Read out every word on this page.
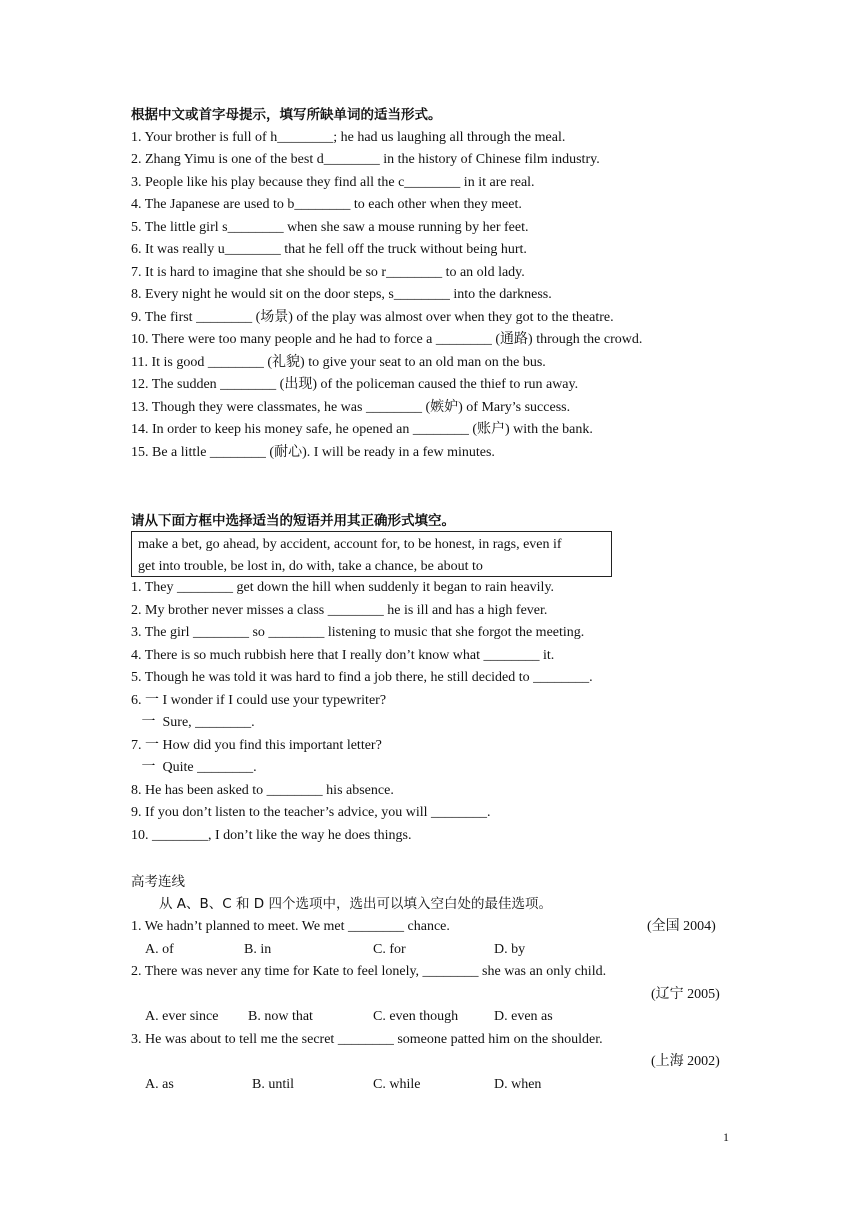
根据中文或首字母提示，填写所缺单词的适当形式。
1. Your brother is full of h________; he had us laughing all through the meal.
2. Zhang Yimu is one of the best d________ in the history of Chinese film industry.
3. People like his play because they find all the c________ in it are real.
4. The Japanese are used to b________ to each other when they meet.
5. The little girl s________ when she saw a mouse running by her feet.
6. It was really u________ that he fell off the truck without being hurt.
7. It is hard to imagine that she should be so r________ to an old lady.
8. Every night he would sit on the door steps, s________ into the darkness.
9. The first ________ (场景) of the play was almost over when they got to the theatre.
10. There were too many people and he had to force a ________ (通路) through the crowd.
11. It is good ________ (礼貌) to give your seat to an old man on the bus.
12. The sudden ________ (出现) of the policeman caused the thief to run away.
13. Though they were classmates, he was ________ (嫉妒) of Mary’s success.
14. In order to keep his money safe, he opened an ________ (账户) with the bank.
15. Be a little ________ (耐心). I will be ready in a few minutes.
请从下面方框中选择适当的短语并用其正确形式填空。
make a bet, go ahead, by accident, account for, to be honest, in rags, even if
get into trouble, be lost in, do with, take a chance, be about to
1. They ________ get down the hill when suddenly it began to rain heavily.
2. My brother never misses a class ________ he is ill and has a high fever.
3. The girl ________ so ________ listening to music that she forgot the meeting.
4. There is so much rubbish here that I really don’t know what ________ it.
5. Though he was told it was hard to find a job there, he still decided to ________.
6. 一 I wonder if I could use your typewriter?
一  Sure, ________.
7. 一 How did you find this important letter?
一  Quite ________.
8. He has been asked to ________ his absence.
9. If you don’t listen to the teacher’s advice, you will ________.
10. ________, I don’t like the way he does things.
高考连线
从 A、B、C 和 D 四个选项中，选出可以填入空白处的最佳选项。
1. We hadn’t planned to meet. We met ________ chance.	(全国 2004)
A. of	B. in	C. for	D. by
2. There was never any time for Kate to feel lonely, ________ she was an only child.
(辽宁 2005)
A. ever since B. now that	C. even though	D. even as
3. He was about to tell me the secret ________ someone patted him on the shoulder.
(上海 2002)
A. as	B. until	C. while	D. when
1
